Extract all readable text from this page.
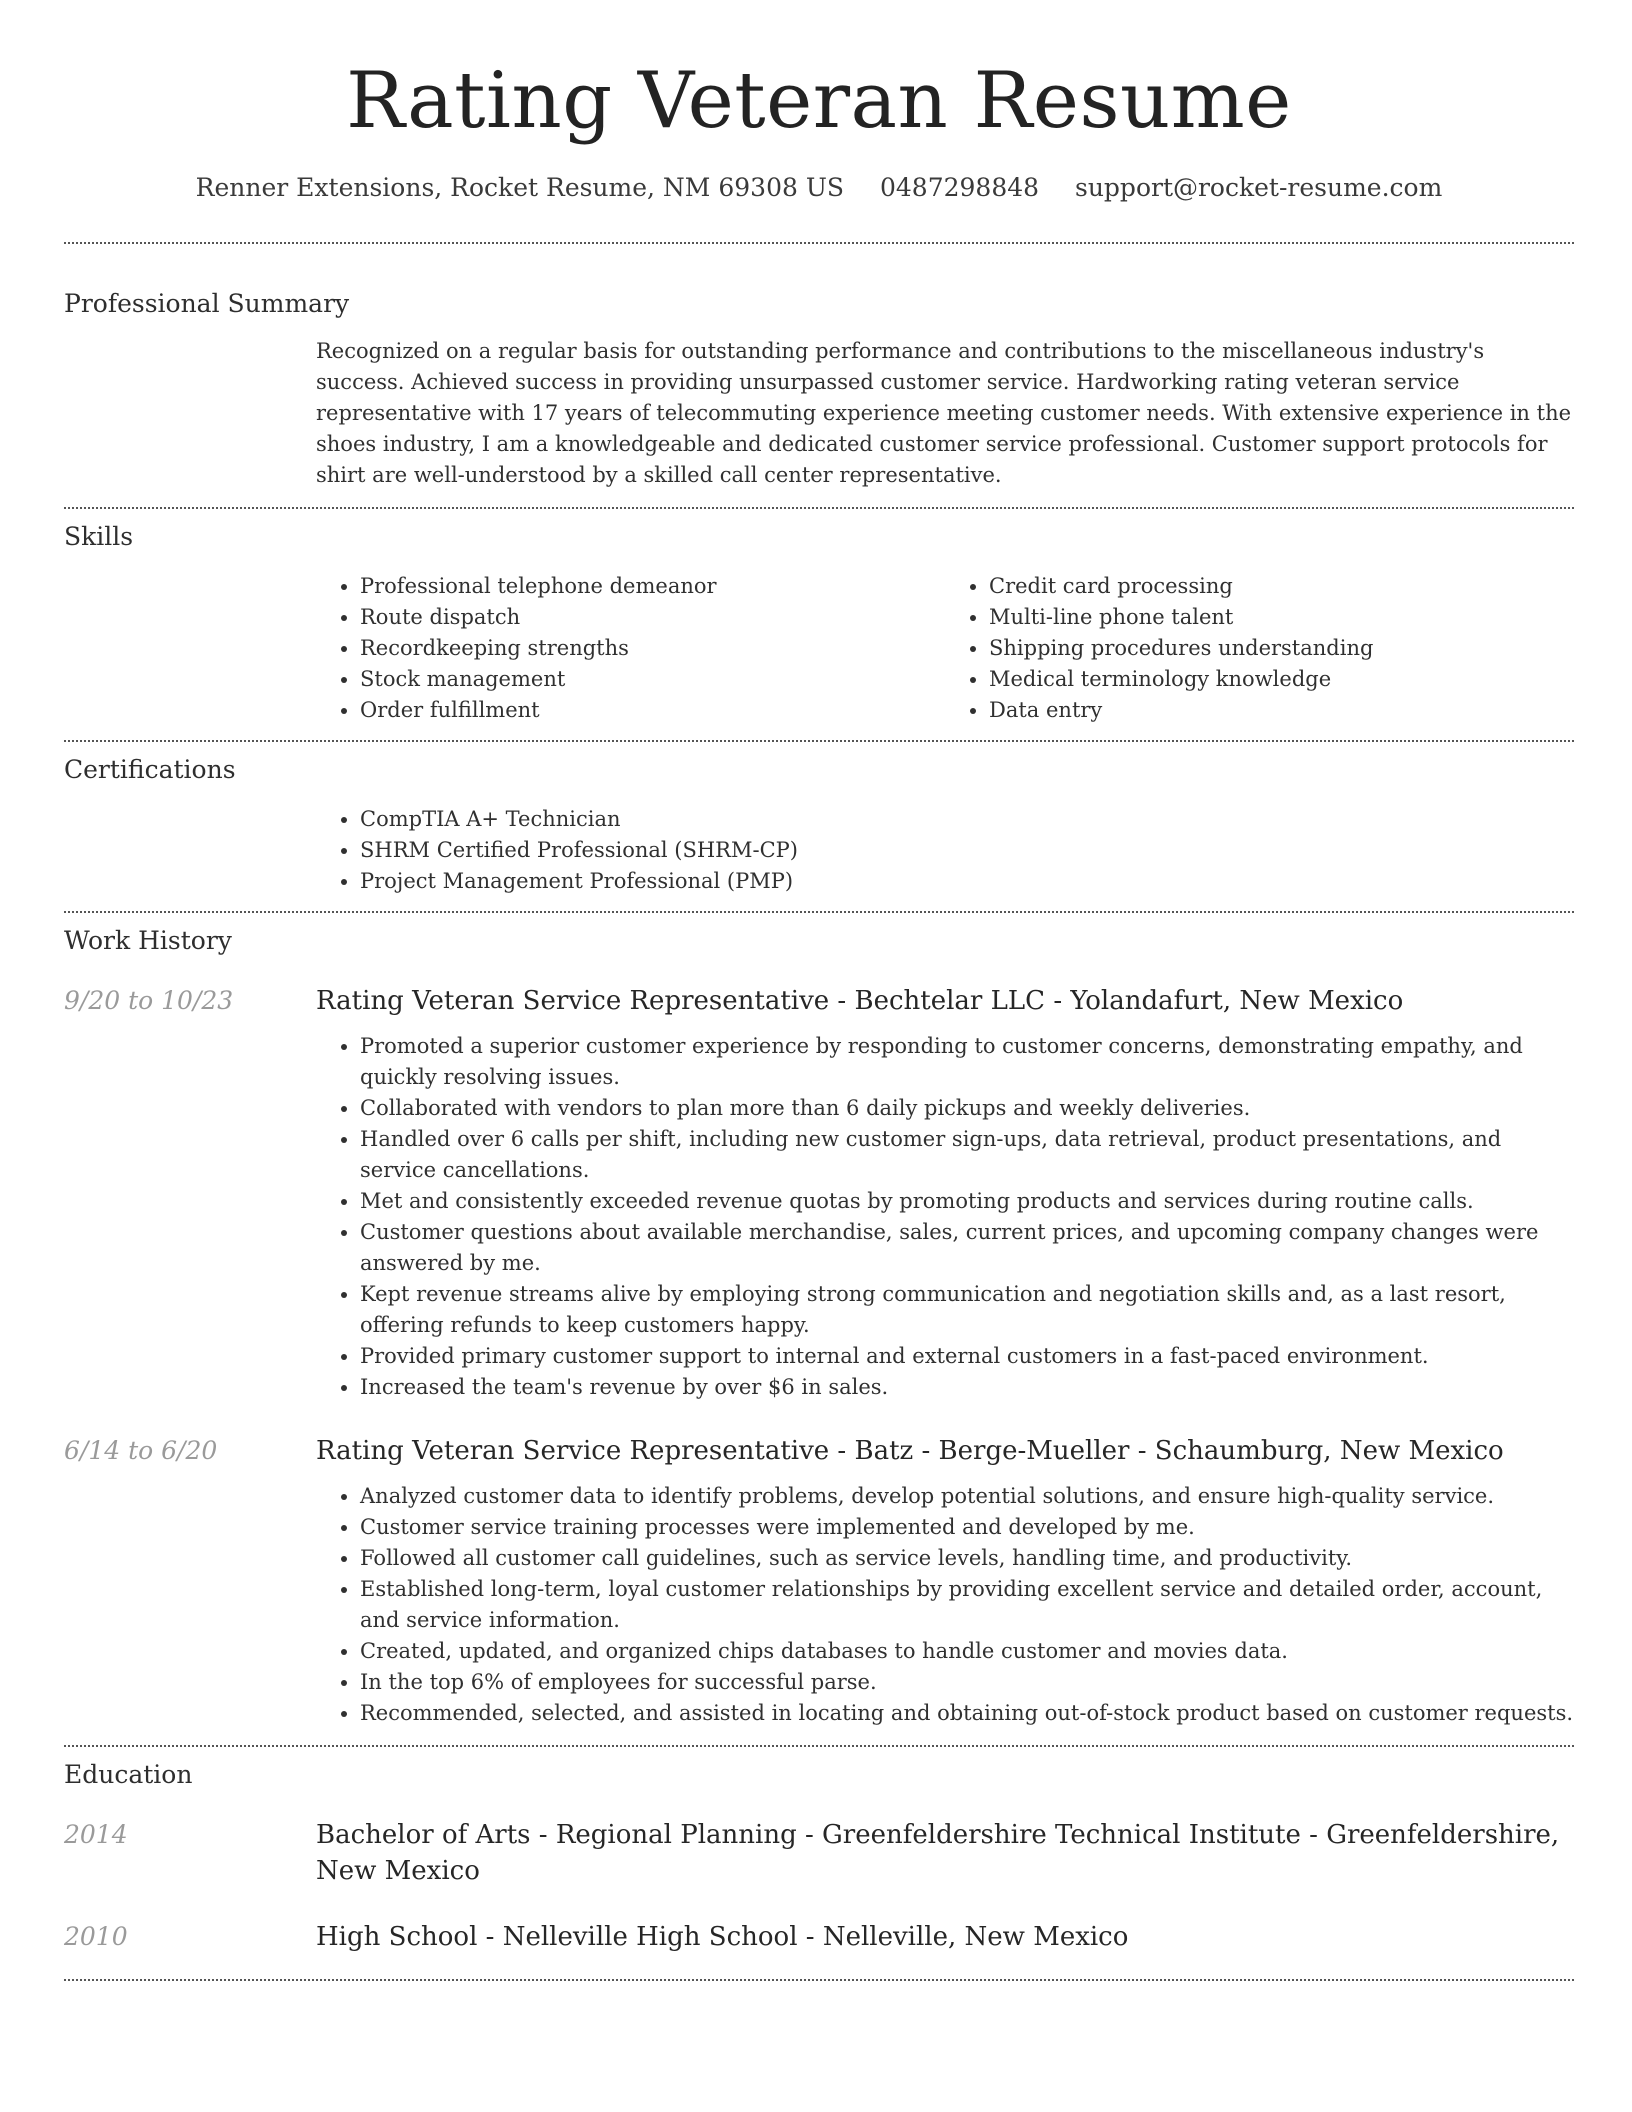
Rating Veteran Resume
Renner Extensions, Rocket Resume, NM 69308 US 0487298848 support@rocket-resume.com
Professional Summary
Recognized on a regular basis for outstanding performance and contributions to the miscellaneous industry's success. Achieved success in providing unsurpassed customer service. Hardworking rating veteran service representative with 17 years of telecommuting experience meeting customer needs. With extensive experience in the shoes industry, I am a knowledgeable and dedicated customer service professional. Customer support protocols for shirt are well-understood by a skilled call center representative.
Skills
• Professional telephone demeanor
• Route dispatch
• Recordkeeping strengths
• Stock management
• Order fulfillment
• Credit card processing
• Multi-line phone talent
• Shipping procedures understanding
• Medical terminology knowledge
• Data entry
Certifications
• CompTIA A+ Technician
• SHRM Certified Professional (SHRM-CP)
• Project Management Professional (PMP)
Work History
9/20 to 10/23	Rating Veteran Service Representative - Bechtelar LLC - Yolandafurt, New Mexico
• Promoted a superior customer experience by responding to customer concerns, demonstrating empathy, and quickly resolving issues.
• Collaborated with vendors to plan more than 6 daily pickups and weekly deliveries.
• Handled over 6 calls per shift, including new customer sign-ups, data retrieval, product presentations, and service cancellations.
• Met and consistently exceeded revenue quotas by promoting products and services during routine calls.
• Customer questions about available merchandise, sales, current prices, and upcoming company changes were answered by me.
• Kept revenue streams alive by employing strong communication and negotiation skills and, as a last resort, offering refunds to keep customers happy.
• Provided primary customer support to internal and external customers in a fast-paced environment.
• Increased the team's revenue by over $6 in sales.
6/14 to 6/20	Rating Veteran Service Representative - Batz - Berge-Mueller - Schaumburg, New Mexico
• Analyzed customer data to identify problems, develop potential solutions, and ensure high-quality service.
• Customer service training processes were implemented and developed by me.
• Followed all customer call guidelines, such as service levels, handling time, and productivity.
• Established long-term, loyal customer relationships by providing excellent service and detailed order, account, and service information.
• Created, updated, and organized chips databases to handle customer and movies data.
• In the top 6% of employees for successful parse.
• Recommended, selected, and assisted in locating and obtaining out-of-stock product based on customer requests.
Education
2014	Bachelor of Arts - Regional Planning - Greenfeldershire Technical Institute - Greenfeldershire, New Mexico
2010	High School - Nelleville High School - Nelleville, New Mexico
